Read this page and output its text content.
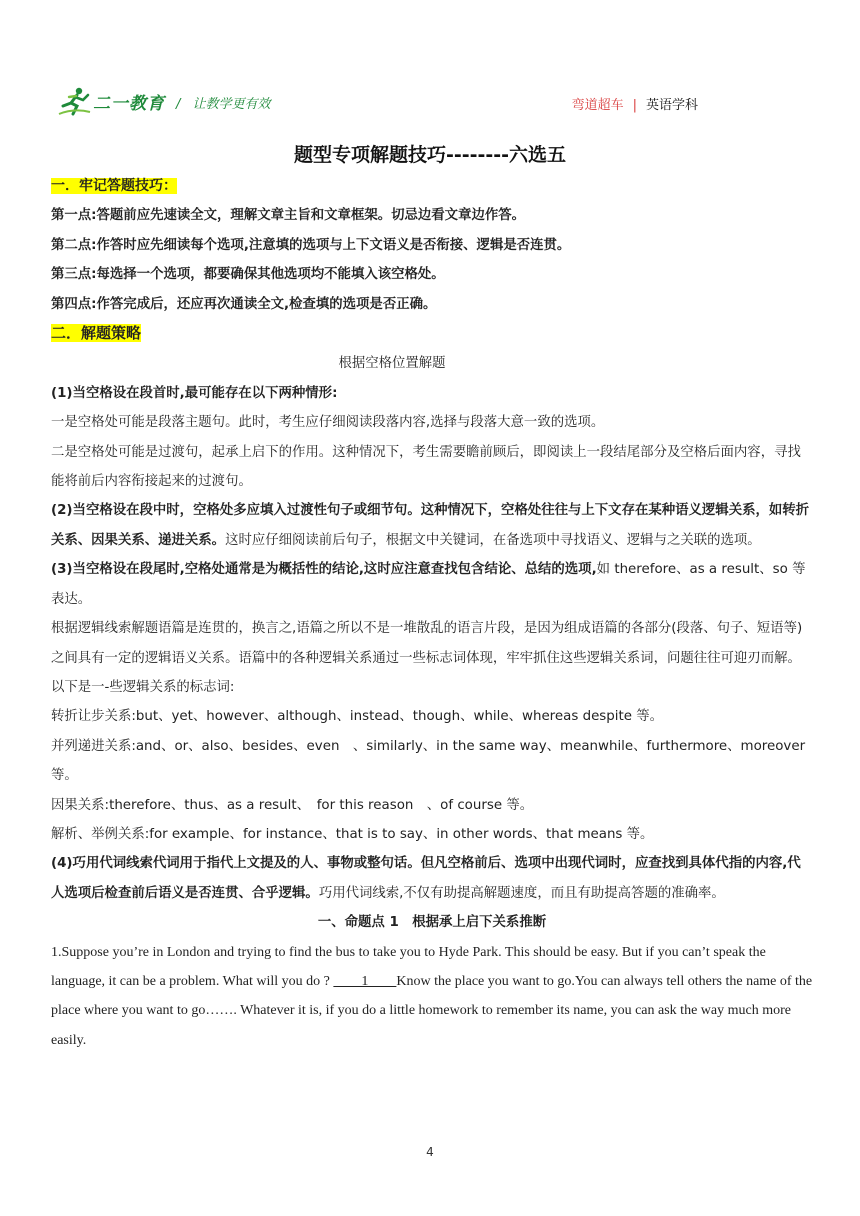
二一教育 / 让教学更有效	弯道超车 | 英语学科
题型专项解题技巧--------六选五

一．牢记答题技巧：

第一点:答题前应先速读全文，理解文章主旨和文章框架。切忌边看文章边作答。

第二点:作答时应先细读每个选项,注意填的选项与上下文语义是否衔接、逻辑是否连贯。

第三点:每选择一个选项，都要确保其他选项均不能填入该空格处。

第四点:作答完成后，还应再次通读全文,检查填的选项是否正确。

二．解题策略

根据空格位置解题

(1)当空格设在段首时,最可能存在以下两种情形:

一是空格处可能是段落主题句。此时，考生应仔细阅读段落内容,选择与段落大意一致的选项。

二是空格处可能是过渡句，起承上启下的作用。这种情况下，考生需要瞻前顾后，即阅读上一段结尾部分及空格后面内容，寻找能将前后内容衔接起来的过渡句。

(2)当空格设在段中时，空格处多应填入过渡性句子或细节句。这种情况下，空格处往往与上下文存在某种语义逻辑关系，如转折关系、因果关系、递进关系。这时应仔细阅读前后句子，根据文中关键词，在备选项中寻找语义、逻辑与之关联的选项。

(3)当空格设在段尾时,空格处通常是为概括性的结论,这时应注意查找包含结论、总结的选项,如 therefore、as a result、so 等表达。

根据逻辑线索解题语篇是连贯的，换言之,语篇之所以不是一堆散乱的语言片段，是因为组成语篇的各部分(段落、句子、短语等)之间具有一定的逻辑语义关系。语篇中的各种逻辑关系通过一些标志词体现，牢牢抓住这些逻辑关系词，问题往往可迎刃而解。

以下是一-些逻辑关系的标志词:

转折让步关系:but、yet、however、although、instead、though、while、whereas despite 等。

并列递进关系:and、or、also、besides、even　、similarly、in the same way、meanwhile、furthermore、moreover 等。

因果关系:therefore、thus、as a result、　for this reason　、of course 等。

解析、举例关系:for example、for instance、that is to say、in other words、that means 等。

(4)巧用代词线索代词用于指代上文提及的人、事物或整句话。但凡空格前后、选项中出现代词时，应查找到具体代指的内容,代人选项后检查前后语义是否连贯、合乎逻辑。巧用代词线索,不仅有助提高解题速度，而且有助提高答题的准确率。

一、命题点 1　根据承上启下关系推断

1.Suppose you’re in London and trying to find the bus to take you to Hyde Park. This should be easy. But if you can’t speak the language, it can be a problem. What will you do ? 　　1　　Know the place you want to go.You can always tell others the name of the place where you want to go……. Whatever it is, if you do a little homework to remember its name, you can ask the way much more easily.

4
